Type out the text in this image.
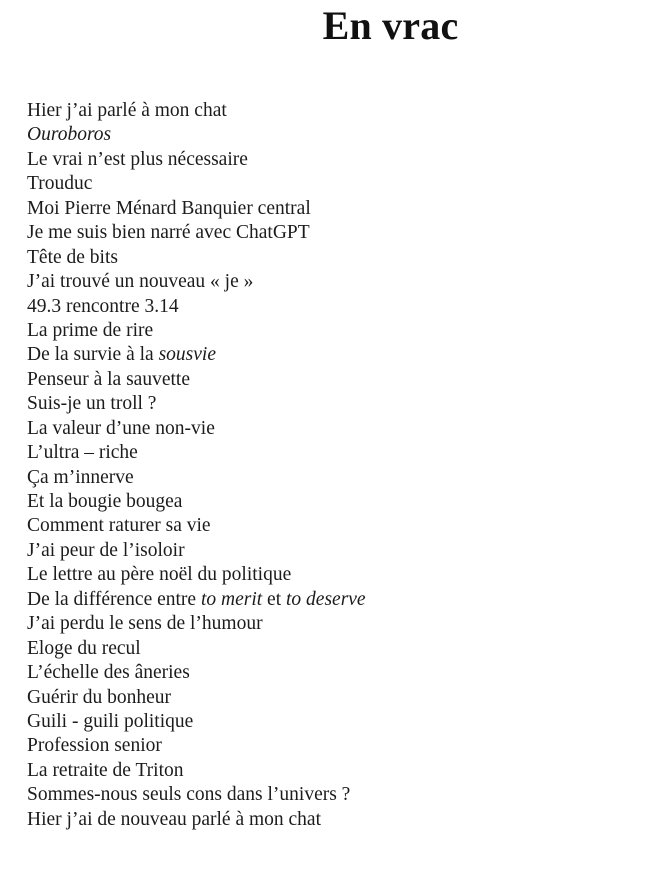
En vrac
Hier j’ai parlé à mon chat
Ouroboros
Le vrai n’est plus nécessaire
Trouduc
Moi Pierre Ménard Banquier central
Je me suis bien narré avec ChatGPT
Tête de bits
J’ai trouvé un nouveau « je »
49.3 rencontre 3.14
La prime de rire
De la survie à la sousvie
Penseur à la sauvette
Suis-je un troll ?
La valeur d’une non-vie
L’ultra – riche
Ça m’innerve
Et la bougie bougea
Comment raturer sa vie
J’ai peur de l’isoloir
Le lettre au père noël du politique
De la différence entre to merit et to deserve
J’ai perdu le sens de l’humour
Eloge du recul
L’échelle des âneries
Guérir du bonheur
Guili - guili politique
Profession senior
La retraite de Triton
Sommes-nous seuls cons dans l’univers ?
Hier j’ai de nouveau parlé à mon chat
